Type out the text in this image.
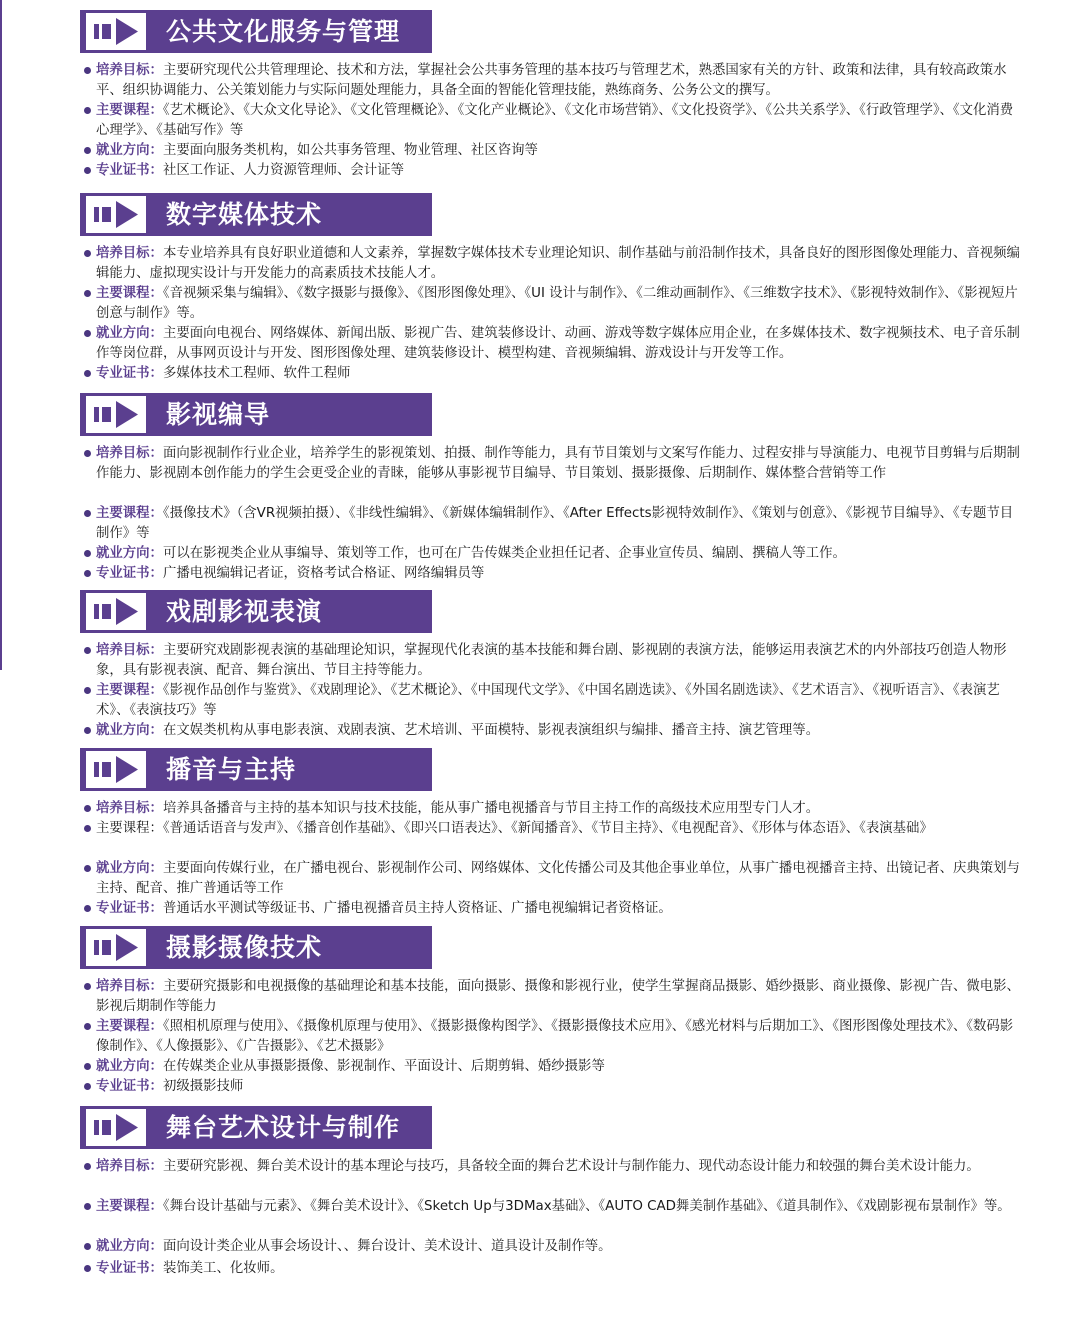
公共文化服务与管理
培养目标：主要研究现代公共管理理论、技术和方法，掌握社会公共事务管理的基本技巧与管理艺术，熟悉国家有关的方针、政策和法律，具有较高政策水平、组织协调能力、公关策划能力与实际问题处理能力，具备全面的智能化管理技能，熟练商务、公务公文的撰写。
主要课程：《艺术概论》、《大众文化导论》、《文化管理概论》、《文化产业概论》、《文化市场营销》、《文化投资学》、《公共关系学》、《行政管理学》、《文化消费心理学》、《基础写作》等
就业方向：主要面向服务类机构，如公共事务管理、物业管理、社区咨询等
专业证书：社区工作证、人力资源管理师、会计证等
数字媒体技术
培养目标：本专业培养具有良好职业道德和人文素养，掌握数字媒体技术专业理论知识、制作基础与前沿制作技术，具备良好的图形图像处理能力、音视频编辑能力、虚拟现实设计与开发能力的高素质技术技能人才。
主要课程：《音视频采集与编辑》、《数字摄影与摄像》、《图形图像处理》、《UI 设计与制作》、《二维动画制作》、《三维数字技术》、《影视特效制作》、《影视短片创意与制作》等。
就业方向：主要面向电视台、网络媒体、新闻出版、影视广告、建筑装修设计、动画、游戏等数字媒体应用企业，在多媒体技术、数字视频技术、电子音乐制作等岗位群，从事网页设计与开发、图形图像处理、建筑装修设计、模型构建、音视频编辑、游戏设计与开发等工作。
专业证书：多媒体技术工程师、软件工程师
影视编导
培养目标：面向影视制作行业企业，培养学生的影视策划、拍摄、制作等能力，具有节目策划与文案写作能力、过程安排与导演能力、电视节目剪辑与后期制作能力、影视剧本创作能力的学生会更受企业的青睐，能够从事影视节目编导、节目策划、摄影摄像、后期制作、媒体整合营销等工作
主要课程：《摄像技术》（含VR视频拍摄）、《非线性编辑》、《新媒体编辑制作》、《After Effects影视特效制作》、《策划与创意》、《影视节目编导》、《专题节目制作》等
就业方向：可以在影视类企业从事编导、策划等工作，也可在广告传媒类企业担任记者、企事业宣传员、编剧、撰稿人等工作。
专业证书：广播电视编辑记者证，资格考试合格证、网络编辑员等
戏剧影视表演
培养目标：主要研究戏剧影视表演的基础理论知识，掌握现代化表演的基本技能和舞台剧、影视剧的表演方法，能够运用表演艺术的内外部技巧创造人物形象，具有影视表演、配音、舞台演出、节目主持等能力。
主要课程：《影视作品创作与鉴赏》、《戏剧理论》、《艺术概论》、《中国现代文学》、《中国名剧选读》、《外国名剧选读》、《艺术语言》、《视听语言》、《表演艺术》、《表演技巧》等
就业方向：在文娱类机构从事电影表演、戏剧表演、艺术培训、平面模特、影视表演组织与编排、播音主持、演艺管理等。
播音与主持
培养目标：培养具备播音与主持的基本知识与技术技能，能从事广播电视播音与节目主持工作的高级技术应用型专门人才。
主要课程：《普通话语音与发声》、《播音创作基础》、《即兴口语表达》、《新闻播音》、《节目主持》、《电视配音》、《形体与体态语》、《表演基础》
就业方向：主要面向传媒行业，在广播电视台、影视制作公司、网络媒体、文化传播公司及其他企事业单位，从事广播电视播音主持、出镜记者、庆典策划与主持、配音、推广普通话等工作
专业证书：普通话水平测试等级证书、广播电视播音员主持人资格证、广播电视编辑记者资格证。
摄影摄像技术
培养目标：主要研究摄影和电视摄像的基础理论和基本技能，面向摄影、摄像和影视行业，使学生掌握商品摄影、婚纱摄影、商业摄像、影视广告、微电影、影视后期制作等能力
主要课程：《照相机原理与使用》、《摄像机原理与使用》、《摄影摄像构图学》、《摄影摄像技术应用》、《感光材料与后期加工》、《图形图像处理技术》、《数码影像制作》、《人像摄影》、《广告摄影》、《艺术摄影》
就业方向：在传媒类企业从事摄影摄像、影视制作、平面设计、后期剪辑、婚纱摄影等
专业证书：初级摄影技师
舞台艺术设计与制作
培养目标：主要研究影视、舞台美术设计的基本理论与技巧，具备较全面的舞台艺术设计与制作能力、现代动态设计能力和较强的舞台美术设计能力。
主要课程：《舞台设计基础与元素》、《舞台美术设计》、《Sketch Up与3DMax基础》、《AUTO CAD舞美制作基础》、《道具制作》、《戏剧影视布景制作》等。
就业方向：面向设计类企业从事会场设计、、舞台设计、美术设计、道具设计及制作等。
专业证书：装饰美工、化妆师。
